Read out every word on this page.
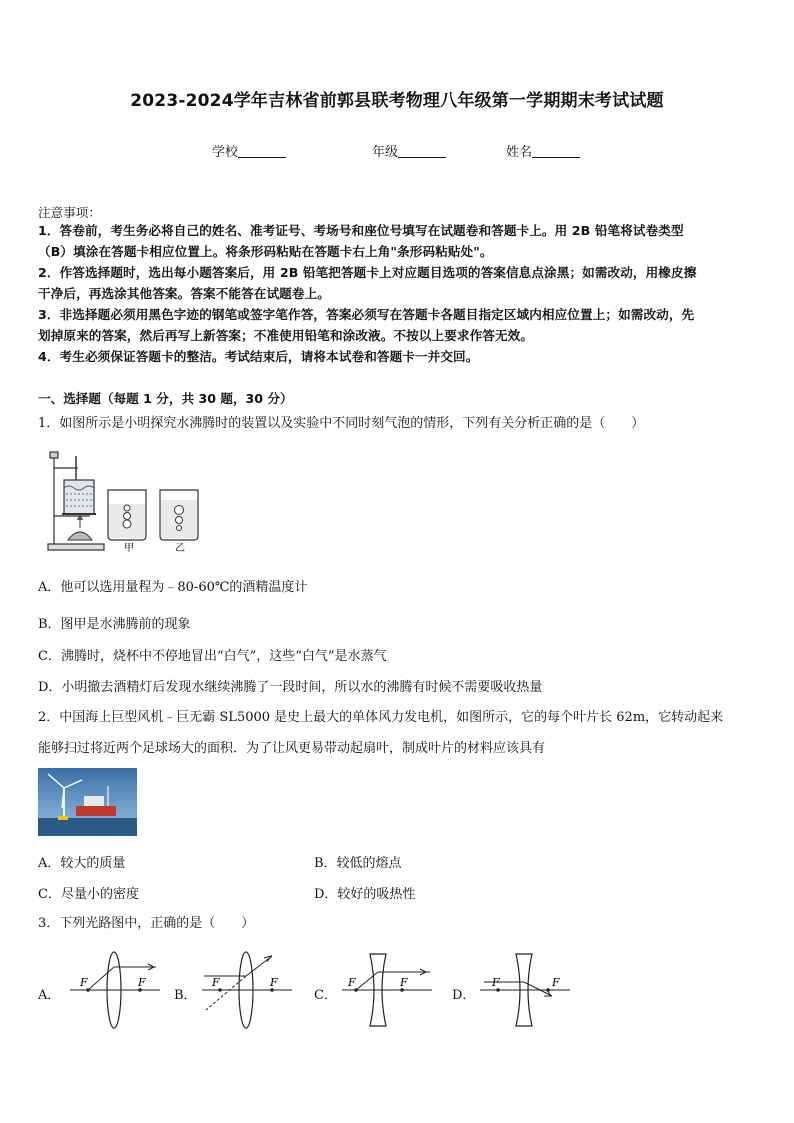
2023-2024学年吉林省前郭县联考物理八年级第一学期期末考试试题
学校	年级	姓名
注意事项：
1．答卷前，考生务必将自己的姓名、准考证号、考场号和座位号填写在试题卷和答题卡上。用 2B 铅笔将试卷类型
（B）填涂在答题卡相应位置上。将条形码粘贴在答题卡右上角"条形码粘贴处"。
2．作答选择题时，选出每小题答案后，用 2B 铅笔把答题卡上对应题目选项的答案信息点涂黑；如需改动，用橡皮擦
干净后，再选涂其他答案。答案不能答在试题卷上。
3．非选择题必须用黑色字迹的钢笔或签字笔作答，答案必须写在答题卡各题目指定区域内相应位置上；如需改动，先
划掉原来的答案，然后再写上新答案；不准使用铅笔和涂改液。不按以上要求作答无效。
4．考生必须保证答题卡的整洁。考试结束后，请将本试卷和答题卡一并交回。
一、选择题（每题 1 分，共 30 题，30 分）
1．如图所示是小明探究水沸腾时的装置以及实验中不同时刻气泡的情形，下列有关分析正确的是（　　）
甲	乙
A．他可以选用量程为﹣80-60℃的酒精温度计
B．图甲是水沸腾前的现象
C．沸腾时，烧杯中不停地冒出“白气”，这些“白气”是水蒸气
D．小明撤去酒精灯后发现水继续沸腾了一段时间，所以水的沸腾有时候不需要吸收热量
2．中国海上巨型风机﹣巨无霸 SL5000 是史上最大的单体风力发电机，如图所示，它的每个叶片长 62m，它转动起来
能够扫过将近两个足球场大的面积．为了让风更易带动起扇叶，制成叶片的材料应该具有
A．较大的质量	B．较低的熔点
C．尽量小的密度	D．较好的吸热性
3．下列光路图中，正确的是（　　）
A．
F	F
B．
F	F
C．
F	F
D．
F	F
